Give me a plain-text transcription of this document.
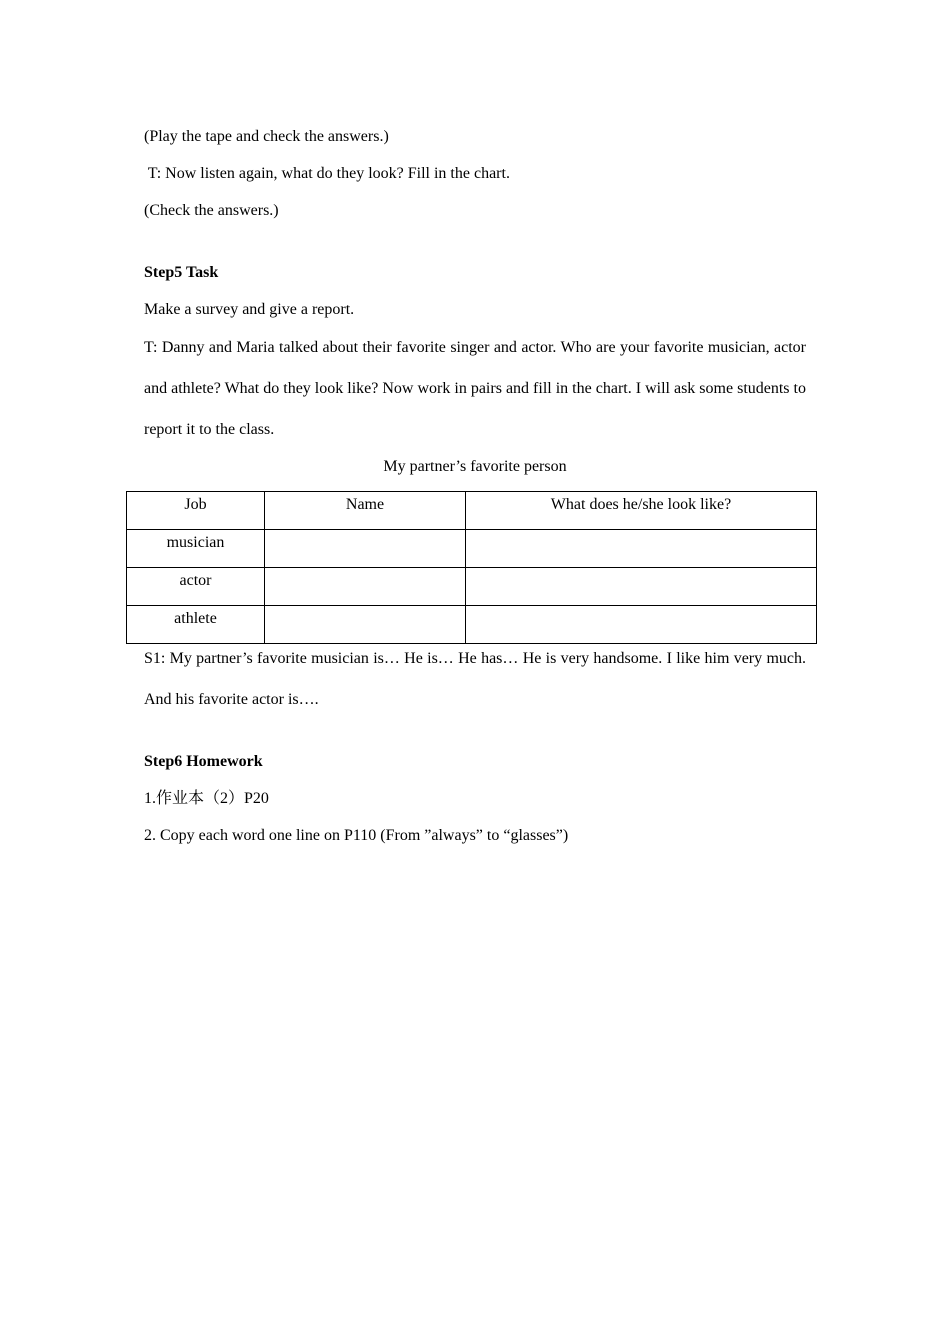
(Play the tape and check the answers.)
T: Now listen again, what do they look? Fill in the chart.
(Check the answers.)
Step5 Task
Make a survey and give a report.
T: Danny and Maria talked about their favorite singer and actor. Who are your favorite musician, actor and athlete? What do they look like? Now work in pairs and fill in the chart. I will ask some students to report it to the class.
My partner’s favorite person
Job	Name	What does he/she look like?
musician		
actor		
athlete		
S1: My partner’s favorite musician is… He is… He has… He is very handsome. I like him very much. And his favorite actor is….
Step6 Homework
1.作业本（2）P20
2. Copy each word one line on P110 (From ”always” to “glasses”)
